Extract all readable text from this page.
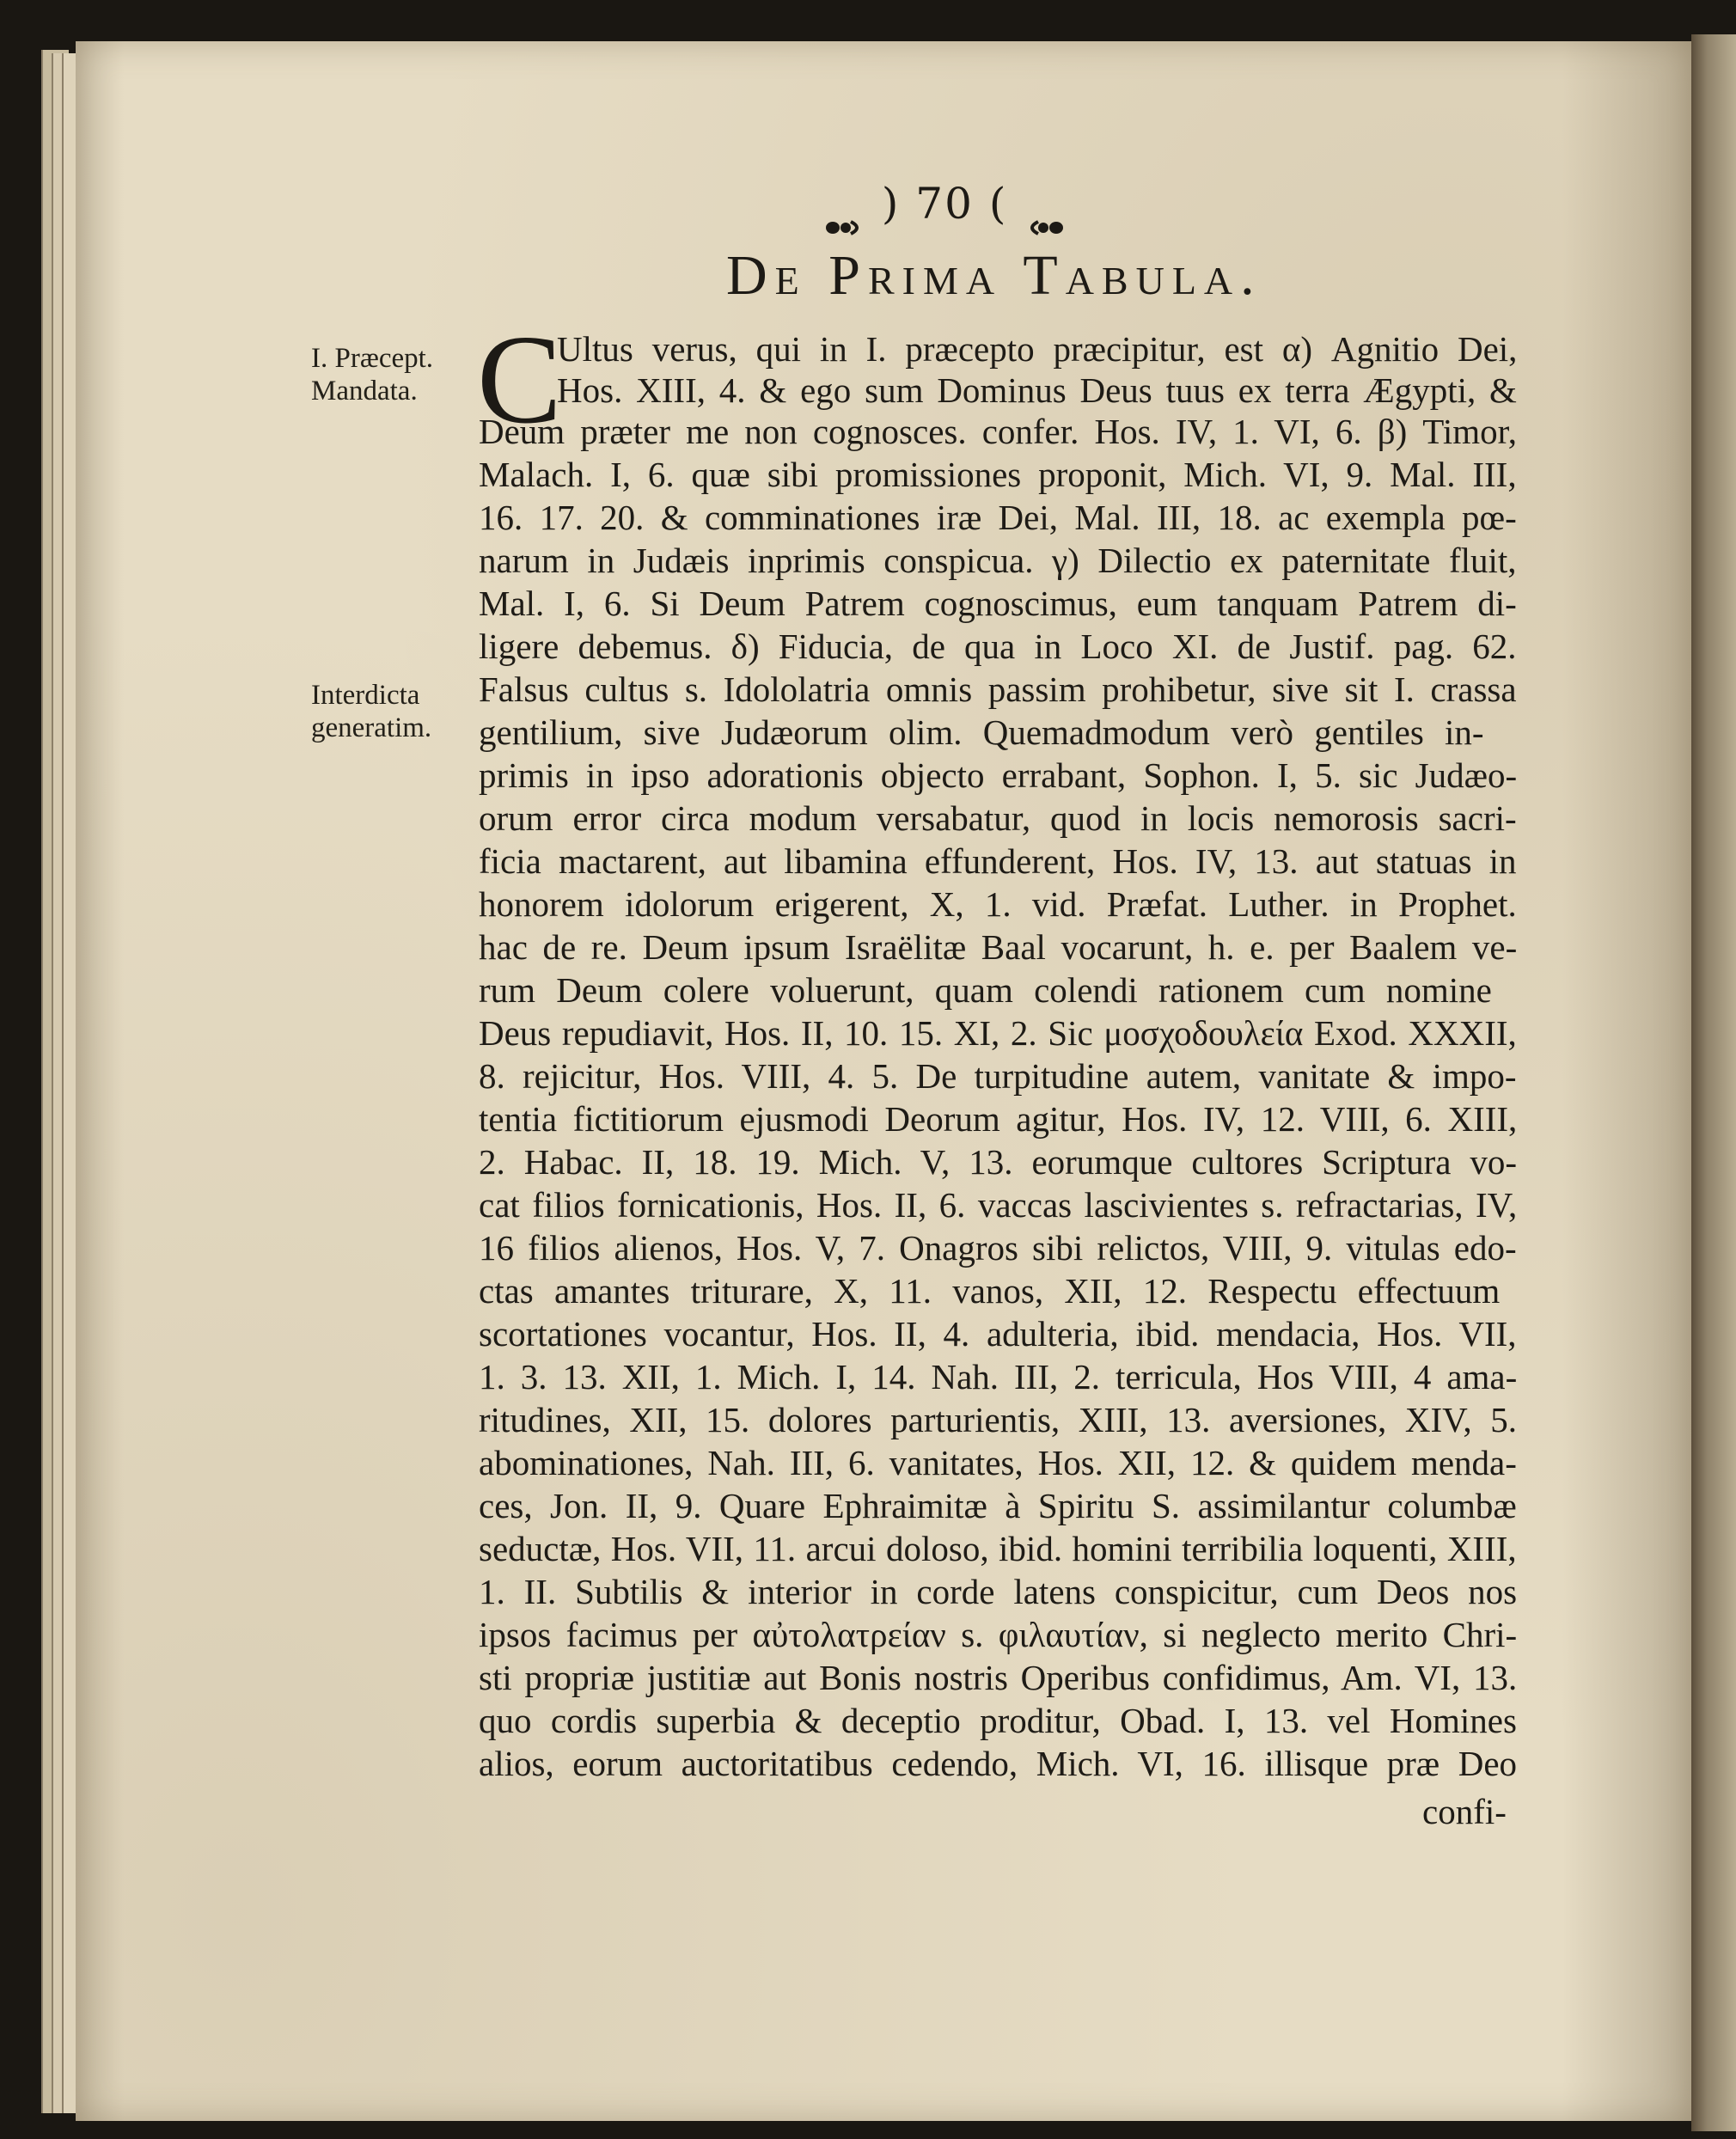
) 70 (
De Prima Tabula.
I. Præcept.
Mandata.
Interdicta
generatim.
C
Ultus verus, qui in I. præcepto præcipitur, est α) Agnitio Dei,
Hos. XIII, 4. & ego sum Dominus Deus tuus ex terra Ægypti, &
Deum præter me non cognosces. confer. Hos. IV, 1. VI, 6. β) Timor,
Malach. I, 6. quæ sibi promissiones proponit, Mich. VI, 9. Mal. III,
16. 17. 20. & comminationes iræ Dei, Mal. III, 18. ac exempla pœ-
narum in Judæis inprimis conspicua. γ) Dilectio ex paternitate fluit,
Mal. I, 6. Si Deum Patrem cognoscimus, eum tanquam Patrem di-
ligere debemus. δ) Fiducia, de qua in Loco XI. de Justif. pag. 62.
Falsus cultus s. Idololatria omnis passim prohibetur, sive sit I. crassa
gentilium, sive Judæorum olim. Quemadmodum verò gentiles in-
primis in ipso adorationis objecto errabant, Sophon. I, 5. sic Judæo-
orum error circa modum versabatur, quod in locis nemorosis sacri-
ficia mactarent, aut libamina effunderent, Hos. IV, 13. aut statuas in
honorem idolorum erigerent, X, 1. vid. Præfat. Luther. in Prophet.
hac de re. Deum ipsum Israëlitæ Baal vocarunt, h. e. per Baalem ve-
rum Deum colere voluerunt, quam colendi rationem cum nomine
Deus repudiavit, Hos. II, 10. 15. XI, 2. Sic μοσχοδουλεία Exod. XXXII,
8. rejicitur, Hos. VIII, 4. 5. De turpitudine autem, vanitate & impo-
tentia fictitiorum ejusmodi Deorum agitur, Hos. IV, 12. VIII, 6. XIII,
2. Habac. II, 18. 19. Mich. V, 13. eorumque cultores Scriptura vo-
cat filios fornicationis, Hos. II, 6. vaccas lascivientes s. refractarias, IV,
16 filios alienos, Hos. V, 7. Onagros sibi relictos, VIII, 9. vitulas edo-
ctas amantes triturare, X, 11. vanos, XII, 12. Respectu effectuum
scortationes vocantur, Hos. II, 4. adulteria, ibid. mendacia, Hos. VII,
1. 3. 13. XII, 1. Mich. I, 14. Nah. III, 2. terricula, Hos VIII, 4 ama-
ritudines, XII, 15. dolores parturientis, XIII, 13. aversiones, XIV, 5.
abominationes, Nah. III, 6. vanitates, Hos. XII, 12. & quidem menda-
ces, Jon. II, 9. Quare Ephraimitæ à Spiritu S. assimilantur columbæ
seductæ, Hos. VII, 11. arcui doloso, ibid. homini terribilia loquenti, XIII,
1. II. Subtilis & interior in corde latens conspicitur, cum Deos nos
ipsos facimus per αὐτολατρείαν s. φιλαυτίαν, si neglecto merito Chri-
sti propriæ justitiæ aut Bonis nostris Operibus confidimus, Am. VI, 13.
quo cordis superbia & deceptio proditur, Obad. I, 13. vel Homines
alios, eorum auctoritatibus cedendo, Mich. VI, 16. illisque præ Deo
confi-
